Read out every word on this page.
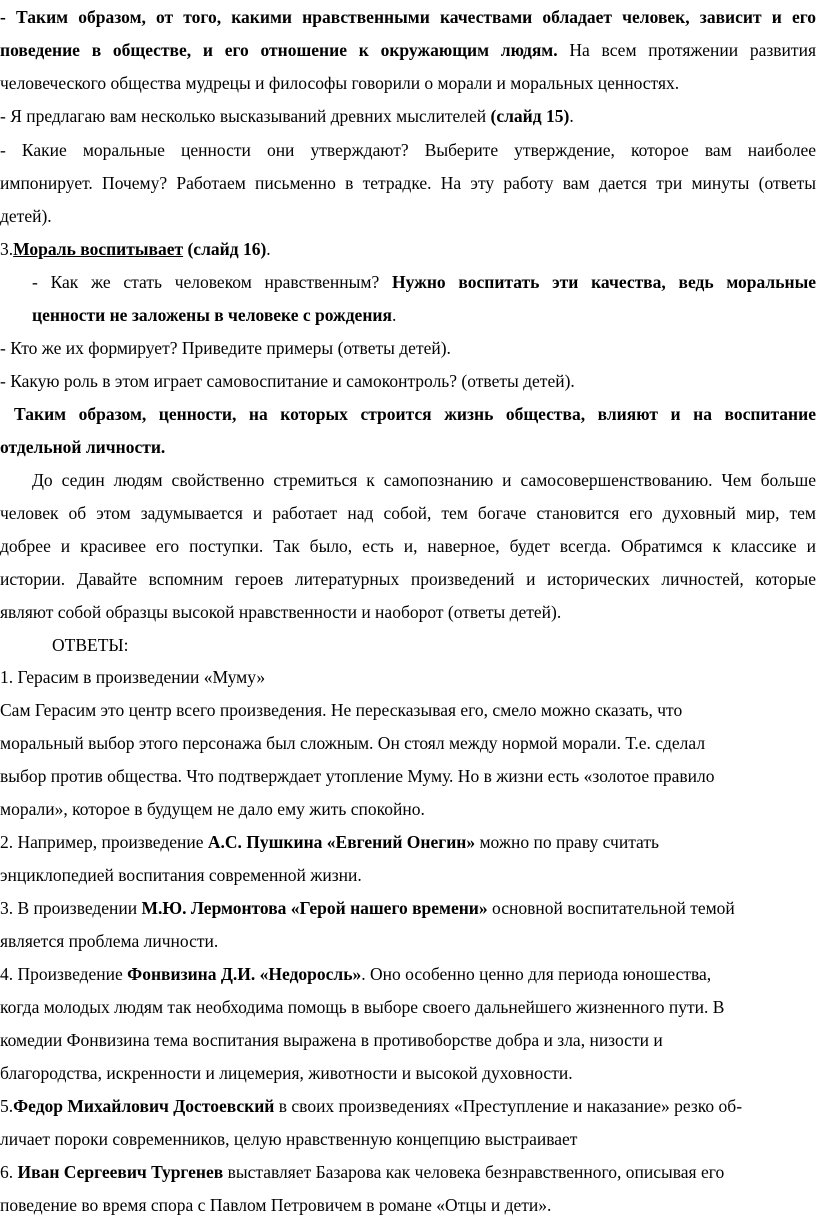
- Таким образом, от того, какими нравственными качествами обладает человек, зависит и его
поведение в обществе, и его отношение к окружающим людям. На всем протяжении развития
человеческого общества мудрецы и философы говорили о морали и моральных ценностях.
- Я предлагаю вам несколько высказываний древних мыслителей (слайд 15).
- Какие моральные ценности они утверждают? Выберите утверждение, которое вам наиболее
импонирует. Почему? Работаем письменно в тетрадке. На эту работу вам дается три минуты (ответы
детей).
3.Мораль воспитывает (слайд 16).
- Как же стать человеком нравственным? Нужно воспитать эти качества, ведь моральные
ценности не заложены в человеке с рождения.
- Кто же их формирует? Приведите примеры (ответы детей).
- Какую роль в этом играет самовоспитание и самоконтроль? (ответы детей).
Таким образом, ценности, на которых строится жизнь общества, влияют и на воспитание
отдельной личности.
До седин людям свойственно стремиться к самопознанию и самосовершенствованию. Чем больше
человек об этом задумывается и работает над собой, тем богаче становится его духовный мир, тем
добрее и красивее его поступки. Так было, есть и, наверное, будет всегда. Обратимся к классике и
истории. Давайте вспомним героев литературных произведений и исторических личностей, которые
являют собой образцы высокой нравственности и наоборот (ответы детей).
ОТВЕТЫ:
1. Герасим в произведении «Муму»
Сам Герасим это центр всего произведения. Не пересказывая его, смело можно сказать, что
моральный выбор этого персонажа был сложным. Он стоял между нормой морали. Т.е. сделал
выбор против общества. Что подтверждает утопление Муму. Но в жизни есть «золотое правило
морали», которое в будущем не дало ему жить спокойно.
2. Например, произведение А.С. Пушкина «Евгений Онегин» можно по праву считать
энциклопедией воспитания современной жизни.
3. В произведении М.Ю. Лермонтова «Герой нашего времени» основной воспитательной темой
является проблема личности.
4. Произведение Фонвизина Д.И. «Недоросль». Оно особенно ценно для периода юношества,
когда молодых людям так необходима помощь в выборе своего дальнейшего жизненного пути. В
комедии Фонвизина тема воспитания выражена в противоборстве добра и зла, низости и
благородства, искренности и лицемерия, животности и высокой духовности.
5.Федор Михайлович Достоевский в своих произведениях «Преступление и наказание» резко об-
личает пороки современников, целую нравственную концепцию выстраивает
6. Иван Сергеевич Тургенев выставляет Базарова как человека безнравственного, описывая его
поведение во время спора с Павлом Петровичем в романе «Отцы и дети».
